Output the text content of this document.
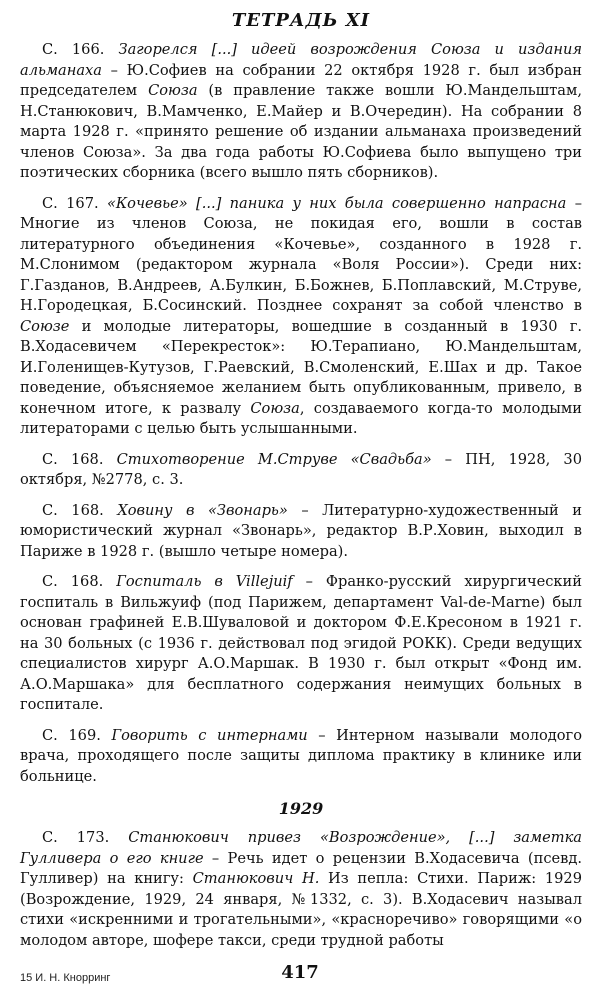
ТЕТРАДЬ XI

С. 166. Загорелся [...] идеей возрождения Союза и издания альманаха – Ю.Софиев на собрании 22 октября 1928 г. был избран председателем Союза (в правление также вошли Ю.Мандельштам, Н.Станюкович, В.Мамченко, Е.Майер и В.Очередин). На собрании 8 марта 1928 г. «принято решение об издании альманаха произведений членов Союза». За два года работы Ю.Софиева было выпущено три поэтических сборника (всего вышло пять сборников).

С. 167. «Кочевье» [...] паника у них была совершенно напрасна – Многие из членов Союза, не покидая его, вошли в состав литературного объединения «Кочевье», созданного в 1928 г. М.Слонимом (редактором журнала «Воля России»). Среди них: Г.Газданов, В.Андреев, А.Булкин, Б.Божнев, Б.Поплавский, М.Струве, Н.Городецкая, Б.Сосинский. Позднее сохранят за собой членство в Союзе и молодые литераторы, вошедшие в созданный в 1930 г. В.Ходасевичем «Перекресток»: Ю.Терапиано, Ю.Мандельштам, И.Голенищев-Кутузов, Г.Раевский, В.Смоленский, Е.Шах и др. Такое поведение, объясняемое желанием быть опубликованным, привело, в конечном итоге, к развалу Союза, создаваемого когда-то молодыми литераторами с целью быть услышанными.

С. 168. Стихотворение М.Струве «Свадьба» – ПН, 1928, 30 октября, №2778, с. 3.

С. 168. Ховину в «Звонарь» – Литературно-художественный и юмористический журнал «Звонарь», редактор В.Р.Ховин, выходил в Париже в 1928 г. (вышло четыре номера).

С. 168. Госпиталь в Villejuif – Франко-русский хирургический госпиталь в Вильжуиф (под Парижем, департамент Val-de-Marne) был основан графиней Е.В.Шуваловой и доктором Ф.Е.Кресоном в 1921 г. на 30 больных (с 1936 г. действовал под эгидой РОКК). Среди ведущих специалистов хирург А.О.Маршак. В 1930 г. был открыт «Фонд им. А.О.Маршака» для бесплатного содержания неимущих больных в госпитале.

С. 169. Говорить с интернами – Интерном называли молодого врача, проходящего после защиты диплома практику в клинике или больнице.

1929

С. 173. Станюкович привез «Возрождение», [...] заметка Гулливера о его книге – Речь идет о рецензии В.Ходасевича (псевд. Гулливер) на книгу: Станюкович Н. Из пепла: Стихи. Париж: 1929 (Возрождение, 1929, 24 января, №1332, с. 3). В.Ходасевич называл стихи «искренними и трогательными», «красноречиво» говорящими «о молодом авторе, шофере такси, среди трудной работы

417
15 И. Н. Кнорринг
